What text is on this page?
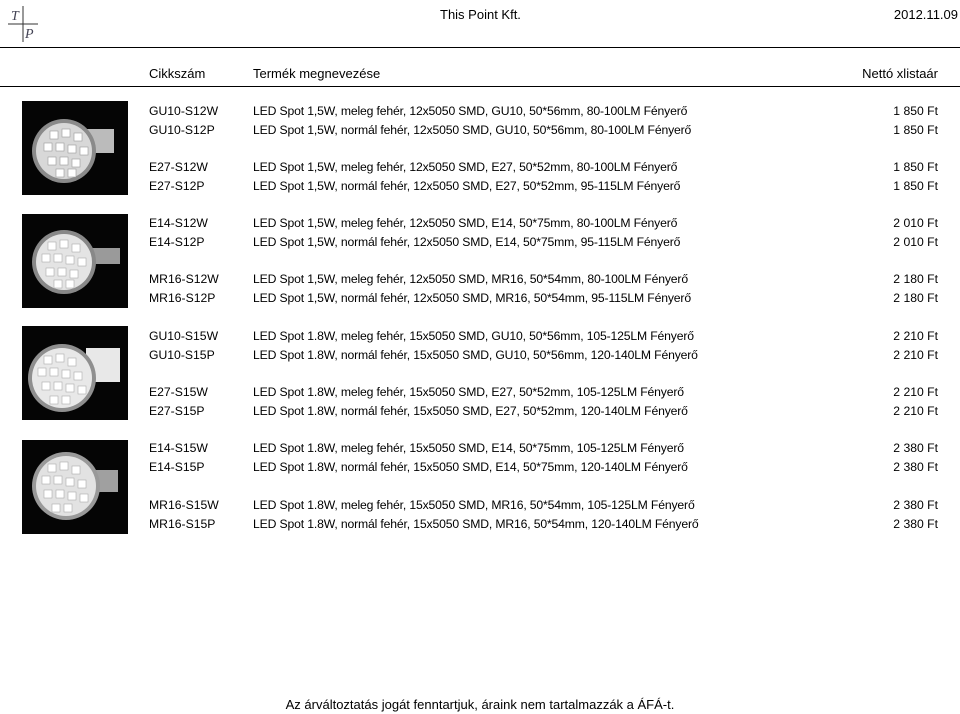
T
P
This Point Kft.	2012.11.09
Cikkszám	Termék megnevezése	Nettó xlistaár
GU10-S12W	LED Spot 1,5W, meleg fehér, 12x5050 SMD, GU10, 50*56mm, 80-100LM Fényerő	1 850 Ft
GU10-S12P	LED Spot 1,5W, normál fehér, 12x5050 SMD, GU10, 50*56mm, 80-100LM Fényerő	1 850 Ft
E27-S12W	LED Spot 1,5W, meleg fehér, 12x5050 SMD, E27, 50*52mm, 80-100LM Fényerő	1 850 Ft
E27-S12P	LED Spot 1,5W, normál fehér, 12x5050 SMD, E27, 50*52mm, 95-115LM Fényerő	1 850 Ft
E14-S12W	LED Spot 1,5W, meleg fehér, 12x5050 SMD, E14, 50*75mm, 80-100LM Fényerő	2 010 Ft
E14-S12P	LED Spot 1,5W, normál fehér, 12x5050 SMD, E14, 50*75mm, 95-115LM Fényerő	2 010 Ft
MR16-S12W	LED Spot 1,5W, meleg fehér, 12x5050 SMD, MR16, 50*54mm, 80-100LM Fényerő	2 180 Ft
MR16-S12P	LED Spot 1,5W, normál fehér, 12x5050 SMD, MR16, 50*54mm, 95-115LM Fényerő	2 180 Ft
GU10-S15W	LED Spot 1.8W, meleg fehér, 15x5050 SMD, GU10, 50*56mm, 105-125LM Fényerő	2 210 Ft
GU10-S15P	LED Spot 1.8W, normál fehér, 15x5050 SMD, GU10, 50*56mm, 120-140LM Fényerő	2 210 Ft
E27-S15W	LED Spot 1.8W, meleg fehér, 15x5050 SMD, E27, 50*52mm, 105-125LM Fényerő	2 210 Ft
E27-S15P	LED Spot 1.8W, normál fehér, 15x5050 SMD, E27, 50*52mm, 120-140LM Fényerő	2 210 Ft
E14-S15W	LED Spot 1.8W, meleg fehér, 15x5050 SMD, E14, 50*75mm, 105-125LM Fényerő	2 380 Ft
E14-S15P	LED Spot 1.8W, normál fehér, 15x5050 SMD, E14, 50*75mm, 120-140LM Fényerő	2 380 Ft
MR16-S15W	LED Spot 1.8W, meleg fehér, 15x5050 SMD, MR16, 50*54mm, 105-125LM Fényerő	2 380 Ft
MR16-S15P	LED Spot 1.8W, normál fehér, 15x5050 SMD, MR16, 50*54mm, 120-140LM Fényerő	2 380 Ft
Az árváltoztatás jogát fenntartjuk, áraink nem tartalmazzák a ÁFÁ-t.
